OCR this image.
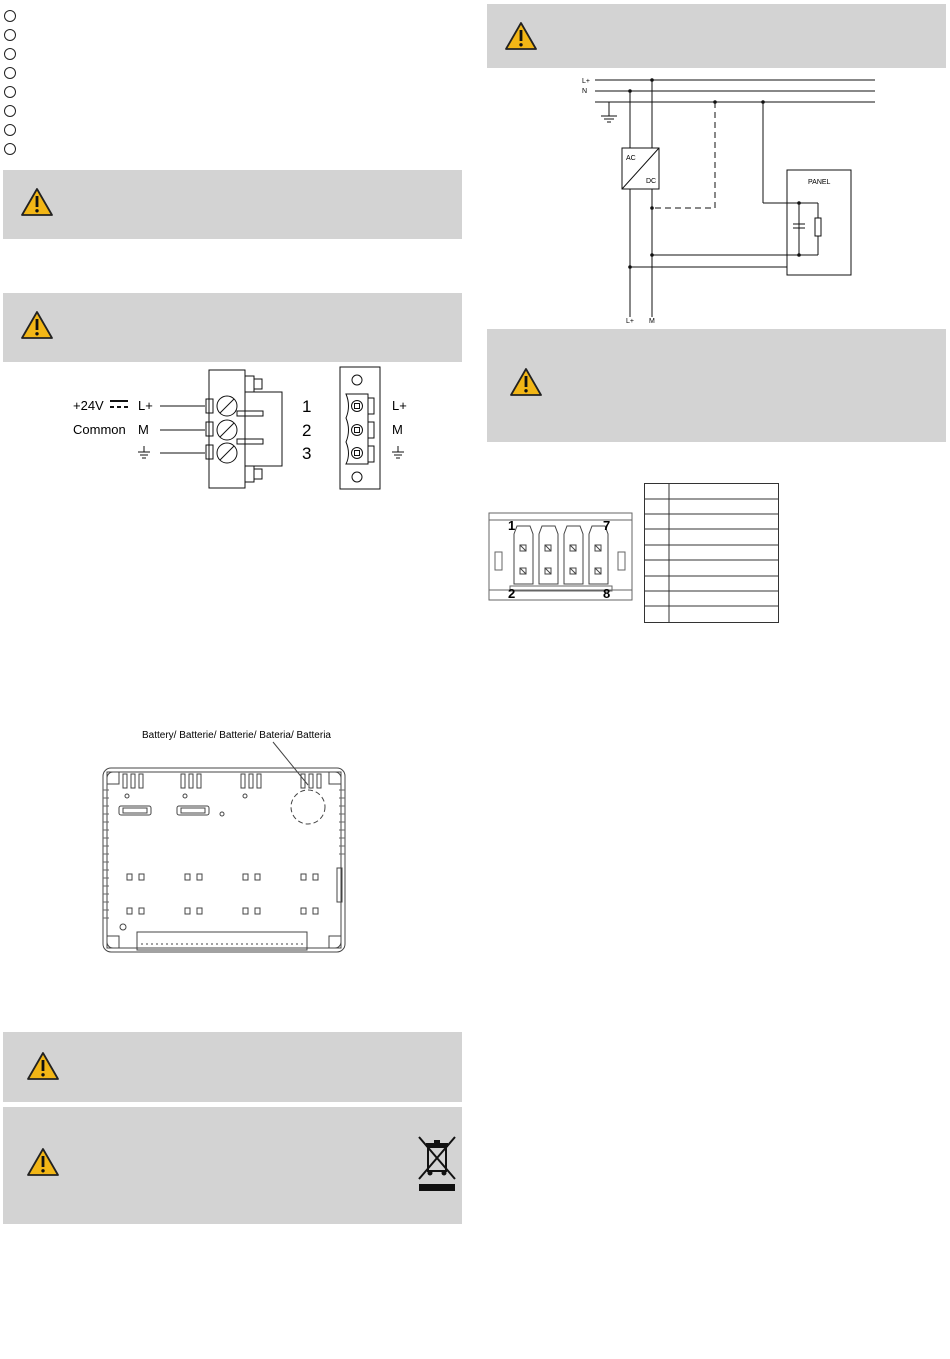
+24V	L+
Common M
1
2
3
L+
M
L+
N
AC
DC	PANEL
L+ M
1	7
2	8
Battery/ Batterie/ Batterie/ Bateria/ Batteria
